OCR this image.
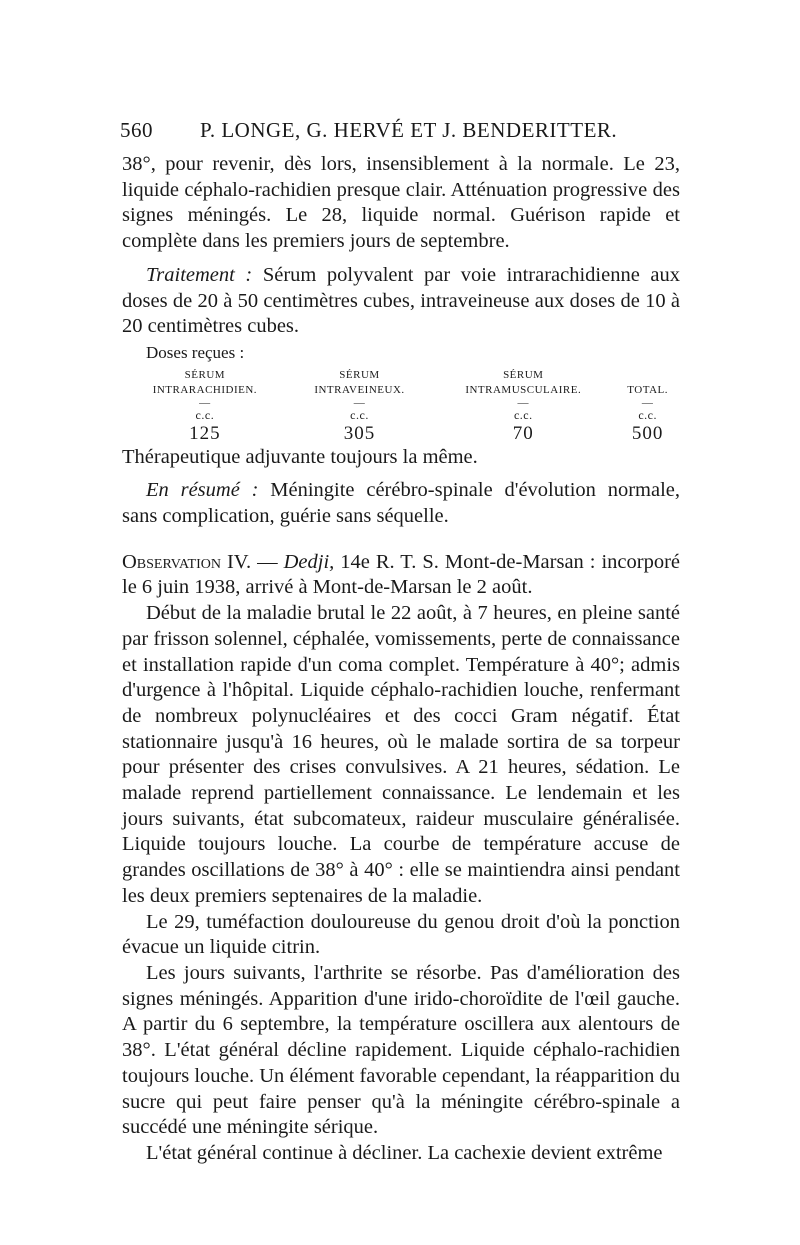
560 P. LONGE, G. HERVÉ ET J. BENDERITTER.

38°, pour revenir, dès lors, insensiblement à la normale. Le 23, liquide céphalo-rachidien presque clair. Atténuation progressive des signes méningés. Le 28, liquide normal. Guérison rapide et complète dans les premiers jours de septembre.

Traitement : Sérum polyvalent par voie intrarachidienne aux doses de 20 à 50 centimètres cubes, intraveineuse aux doses de 10 à 20 centimètres cubes.

Doses reçues :

SÉRUM	SÉRUM	SÉRUM	
INTRARACHIDIEN.	INTRAVEINEUX.	INTRAMUSCULAIRE.	TOTAL.
—	—	—	—
c.c.	c.c.	c.c.	c.c.
125	305	70	500

Thérapeutique adjuvante toujours la même.

En résumé : Méningite cérébro-spinale d'évolution normale, sans complication, guérie sans séquelle.

Observation IV. — Dedji, 14e R. T. S. Mont-de-Marsan : incorporé le 6 juin 1938, arrivé à Mont-de-Marsan le 2 août.

Début de la maladie brutal le 22 août, à 7 heures, en pleine santé par frisson solennel, céphalée, vomissements, perte de connaissance et installation rapide d'un coma complet. Température à 40°; admis d'urgence à l'hôpital. Liquide céphalo-rachidien louche, renfermant de nombreux polynucléaires et des cocci Gram négatif. État stationnaire jusqu'à 16 heures, où le malade sortira de sa torpeur pour présenter des crises convulsives. A 21 heures, sédation. Le malade reprend partiellement connaissance. Le lendemain et les jours suivants, état subcomateux, raideur musculaire généralisée. Liquide toujours louche. La courbe de température accuse de grandes oscillations de 38° à 40° : elle se maintiendra ainsi pendant les deux premiers septenaires de la maladie.

Le 29, tuméfaction douloureuse du genou droit d'où la ponction évacue un liquide citrin.

Les jours suivants, l'arthrite se résorbe. Pas d'amélioration des signes méningés. Apparition d'une irido-choroïdite de l'œil gauche. A partir du 6 septembre, la température oscillera aux alentours de 38°. L'état général décline rapidement. Liquide céphalo-rachidien toujours louche. Un élément favorable cependant, la réapparition du sucre qui peut faire penser qu'à la méningite cérébro-spinale a succédé une méningite sérique.

L'état général continue à décliner. La cachexie devient extrême
